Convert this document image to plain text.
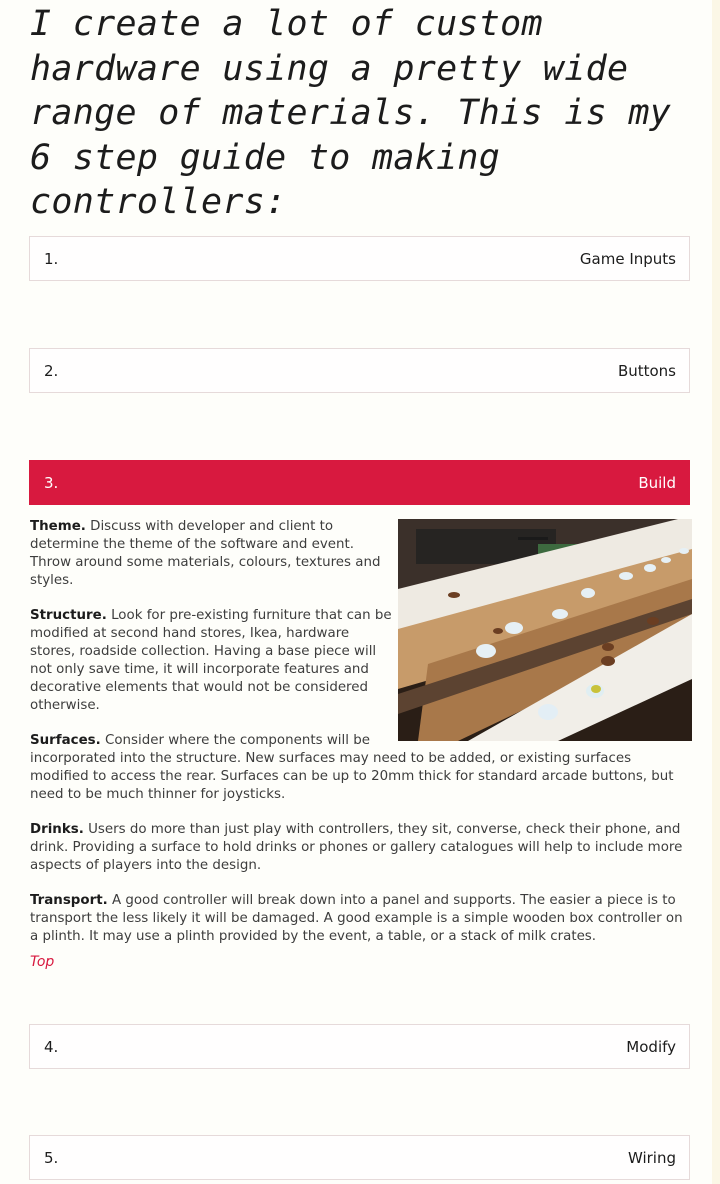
I create a lot of custom hardware using a pretty wide range of materials. This is my 6 step guide to making controllers:
1.	Game Inputs
2.	Buttons
3.	Build

Theme. Discuss with developer and client to determine the theme of the software and event. Throw around some materials, colours, textures and styles.

Structure. Look for pre-existing furniture that can be modified at second hand stores, Ikea, hardware stores, roadside collection. Having a base piece will not only save time, it will incorporate features and decorative elements that would not be considered otherwise.

Surfaces. Consider where the components will be incorporated into the structure. New surfaces may need to be added, or existing surfaces modified to access the rear. Surfaces can be up to 20mm thick for standard arcade buttons, but need to be much thinner for joysticks.

Drinks. Users do more than just play with controllers, they sit, converse, check their phone, and drink. Providing a surface to hold drinks or phones or gallery catalogues will help to include more aspects of players into the design.

Transport. A good controller will break down into a panel and supports. The easier a piece is to transport the less likely it will be damaged. A good example is a simple wooden box controller on a plinth. It may use a plinth provided by the event, a table, or a stack of milk crates.

Top
4.	Modify
5.	Wiring
